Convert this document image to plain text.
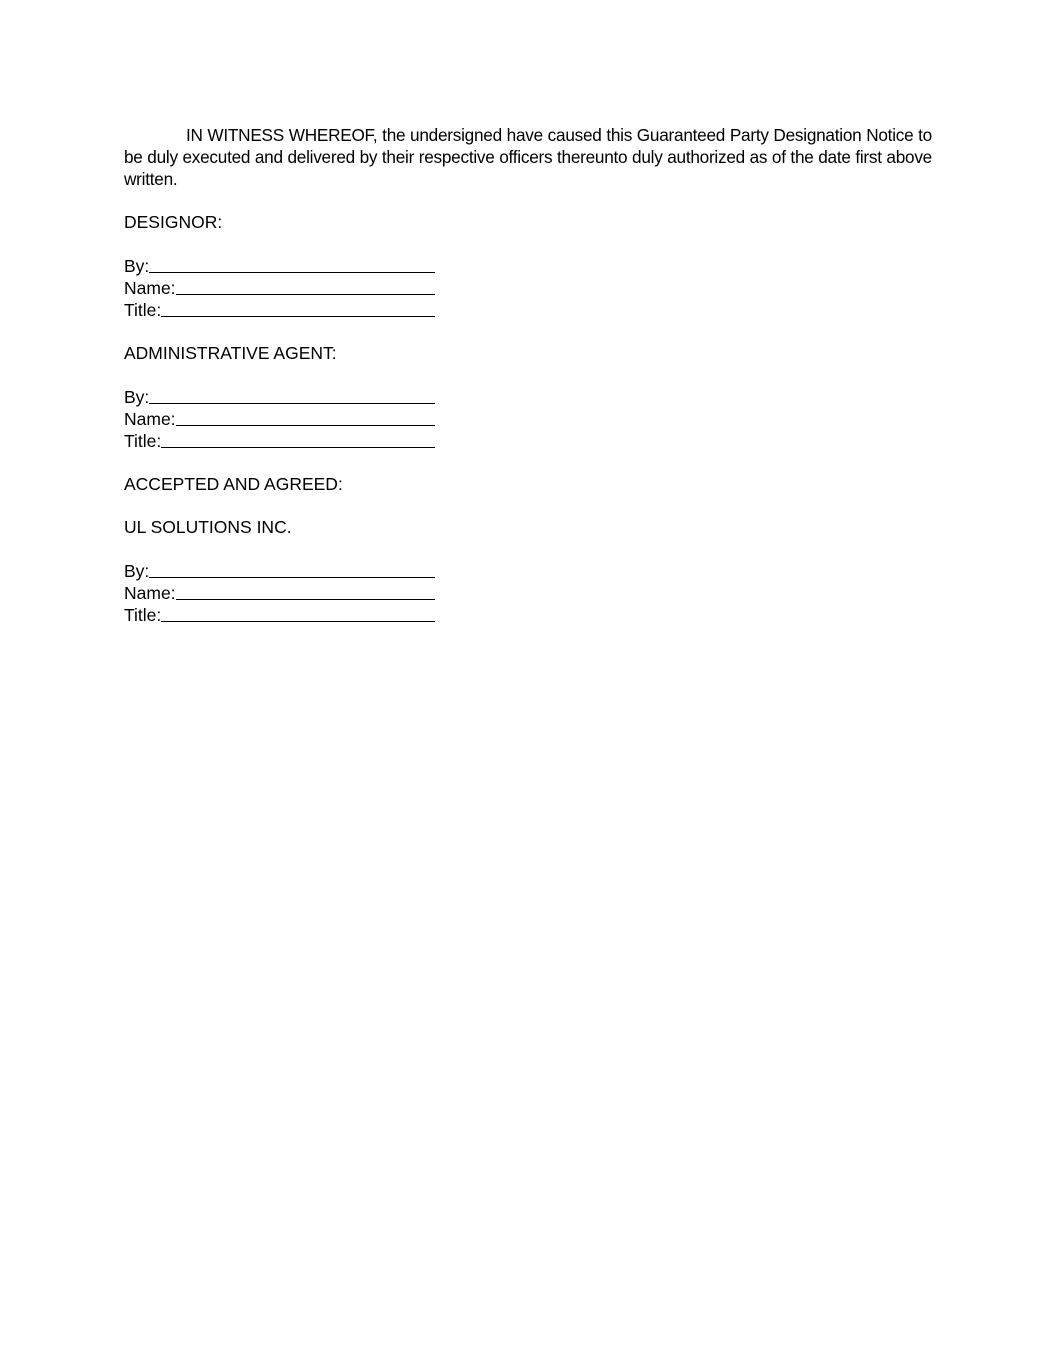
IN WITNESS WHEREOF, the undersigned have caused this Guaranteed Party Designation Notice to be duly executed and delivered by their respective officers thereunto duly authorized as of the date first above written.

DESIGNOR:
By:
Name:
Title:
ADMINISTRATIVE AGENT:
By:
Name:
Title:
ACCEPTED AND AGREED:
UL SOLUTIONS INC.
By:
Name:
Title:
